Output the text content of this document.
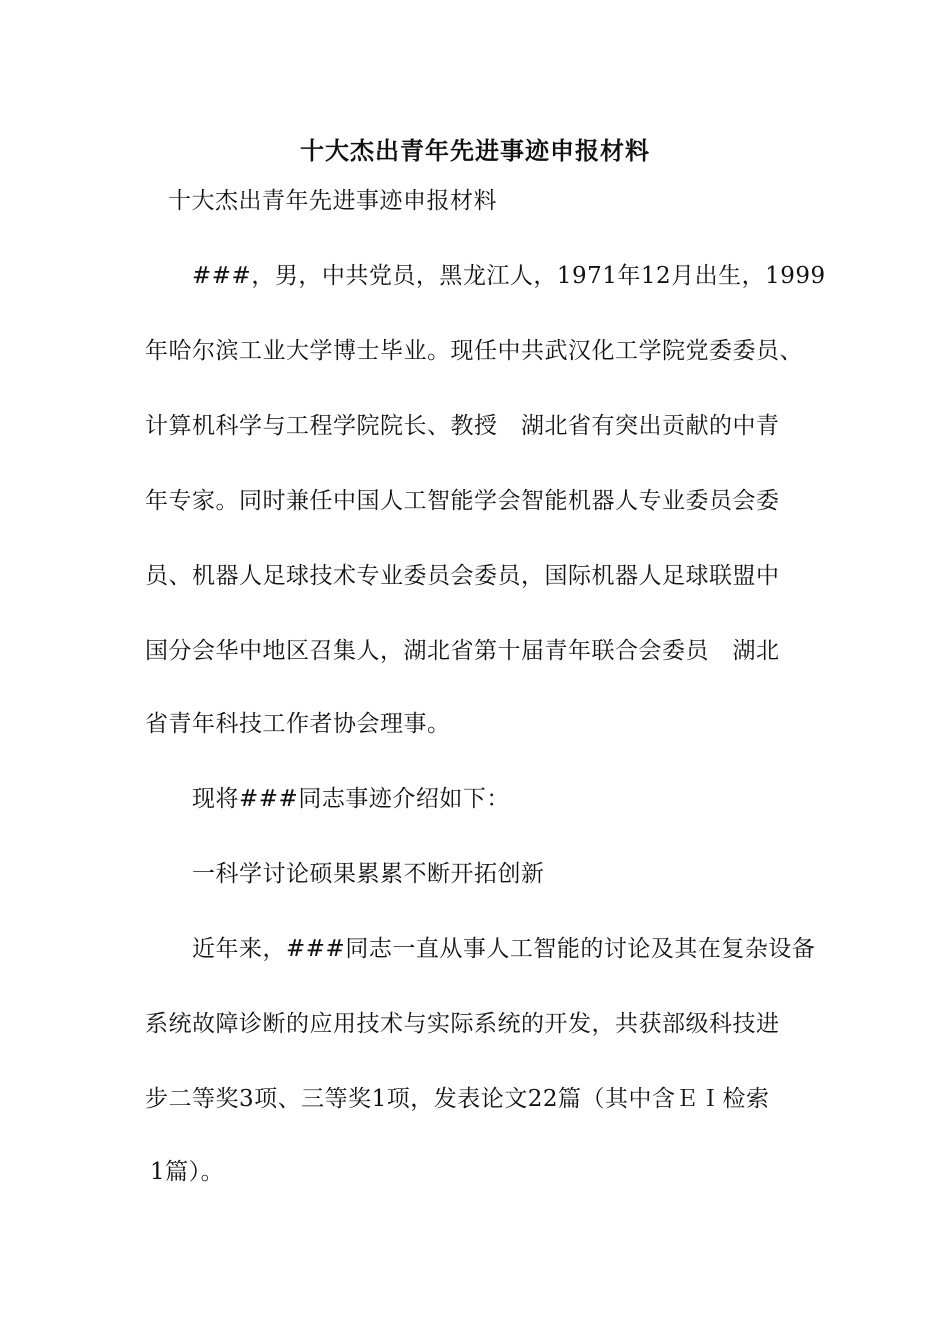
十大杰出青年先进事迹申报材料
十大杰出青年先进事迹申报材料
###，男，中共党员，黑龙江人，1971年12月出生，1999
年哈尔滨工业大学博士毕业。现任中共武汉化工学院党委委员、
计算机科学与工程学院院长、教授　湖北省有突出贡献的中青
年专家。同时兼任中国人工智能学会智能机器人专业委员会委
员、机器人足球技术专业委员会委员，国际机器人足球联盟中
国分会华中地区召集人，湖北省第十届青年联合会委员　湖北
省青年科技工作者协会理事。
现将###同志事迹介绍如下：
一科学讨论硕果累累不断开拓创新
近年来，###同志一直从事人工智能的讨论及其在复杂设备
系统故障诊断的应用技术与实际系统的开发，共获部级科技进
步二等奖3项、三等奖1项，发表论文22篇（其中含ＥＩ检索
1篇）。
